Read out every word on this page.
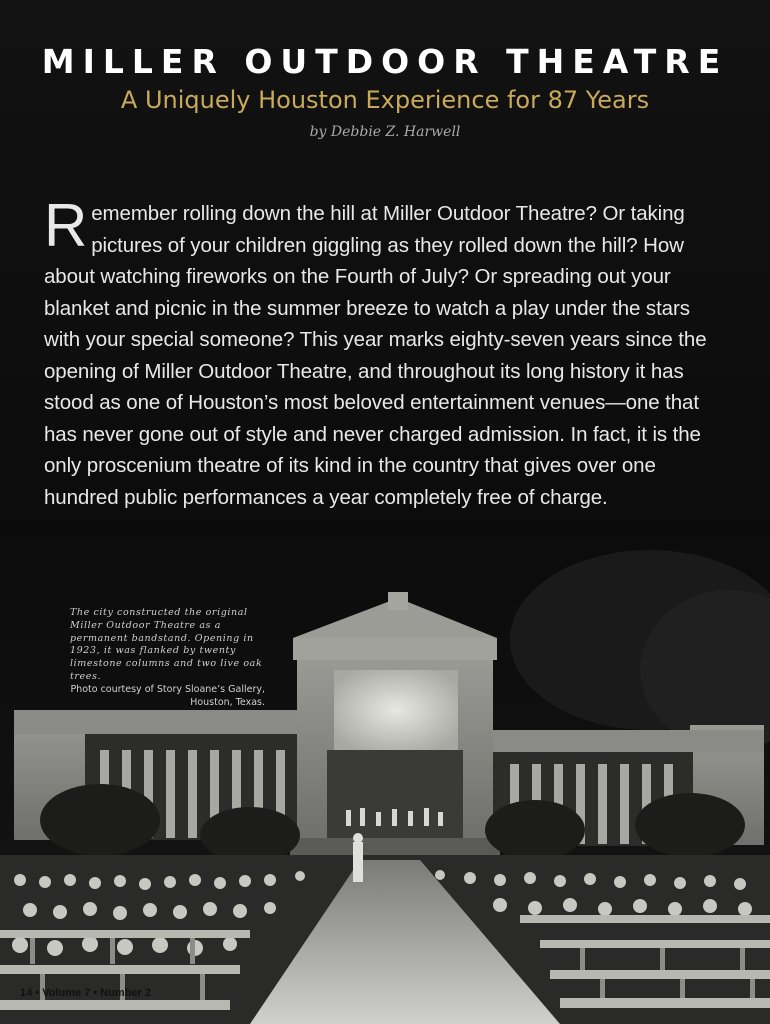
MILLER OUTDOOR THEATRE
A Uniquely Houston Experience for 87 Years
by Debbie Z. Harwell
Remember rolling down the hill at Miller Outdoor Theatre? Or taking pictures of your children giggling as they rolled down the hill? How about watching fireworks on the Fourth of July? Or spreading out your blanket and picnic in the summer breeze to watch a play under the stars with your special someone? This year marks eighty-seven years since the opening of Miller Outdoor Theatre, and throughout its long history it has stood as one of Houston’s most beloved entertainment venues—one that has never gone out of style and never charged admission. In fact, it is the only proscenium theatre of its kind in the country that gives over one hundred public performances a year completely free of charge.
The city constructed the original Miller Outdoor Theatre as a permanent bandstand. Opening in 1923, it was flanked by twenty limestone columns and two live oak trees.
Photo courtesy of Story Sloane’s Gallery, Houston, Texas.
14 • Volume 7 • Number 2
